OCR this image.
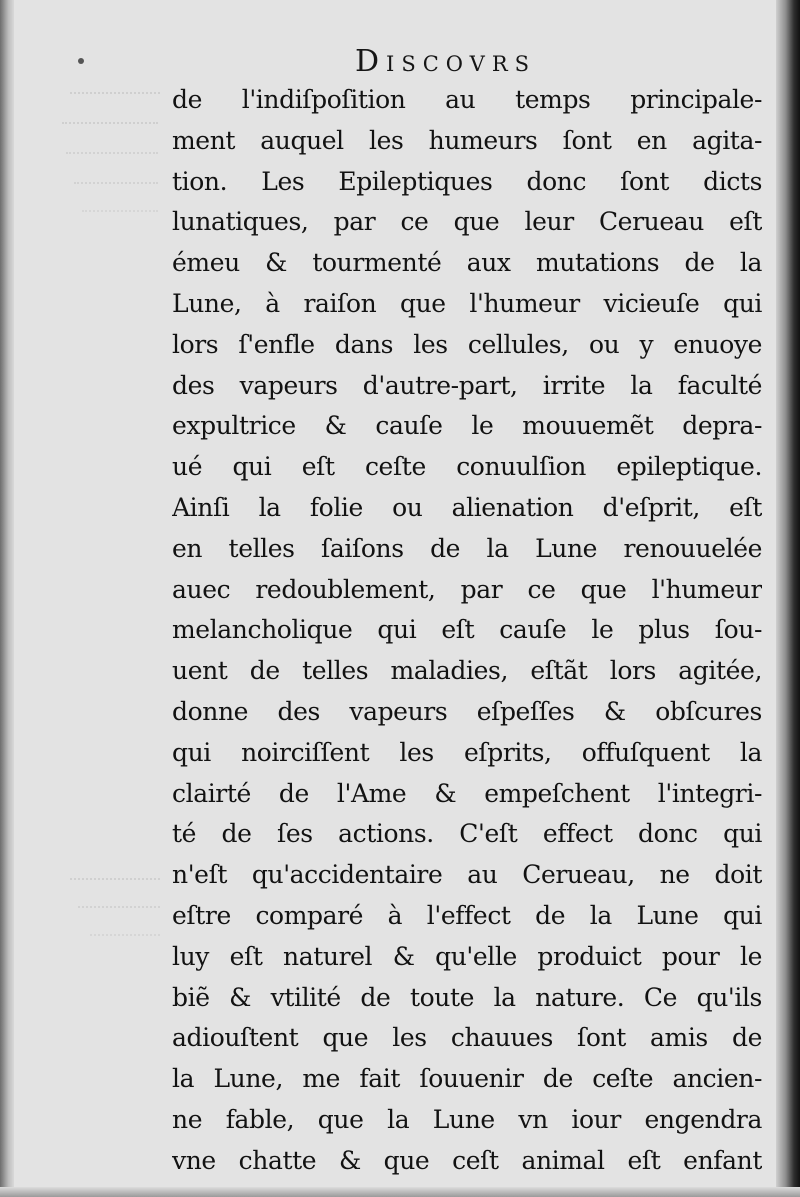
Discovrs
de l'indiſpoſition au temps principale-
ment auquel les humeurs ſont en agita-
tion. Les Epileptiques donc ſont dicts
lunatiques, par ce que leur Cerueau eſt
émeu & tourmenté aux mutations de la
Lune, à raiſon que l'humeur vicieuſe qui
lors ſ'enfle dans les cellules, ou y enuoye
des vapeurs d'autre-part, irrite la faculté
expultrice & cauſe le mouuemẽt depra-
ué qui eſt ceſte conuulſion epileptique.
Ainſi la folie ou alienation d'eſprit, eſt
en telles ſaiſons de la Lune renouuelée
auec redoublement, par ce que l'humeur
melancholique qui eſt cauſe le plus ſou-
uent de telles maladies, eſtãt lors agitée,
donne des vapeurs eſpeſſes & obſcures
qui noirciſſent les eſprits, offuſquent la
clairté de l'Ame & empeſchent l'integri-
té de ſes actions. C'eſt effect donc qui
n'eſt qu'accidentaire au Cerueau, ne doit
eſtre comparé à l'effect de la Lune qui
luy eſt naturel & qu'elle produict pour le
biẽ & vtilité de toute la nature. Ce qu'ils
adiouſtent que les chauues ſont amis de
la Lune, me fait ſouuenir de ceſte ancien-
ne fable, que la Lune vn iour engendra
vne chatte & que ceſt animal eſt enfant
